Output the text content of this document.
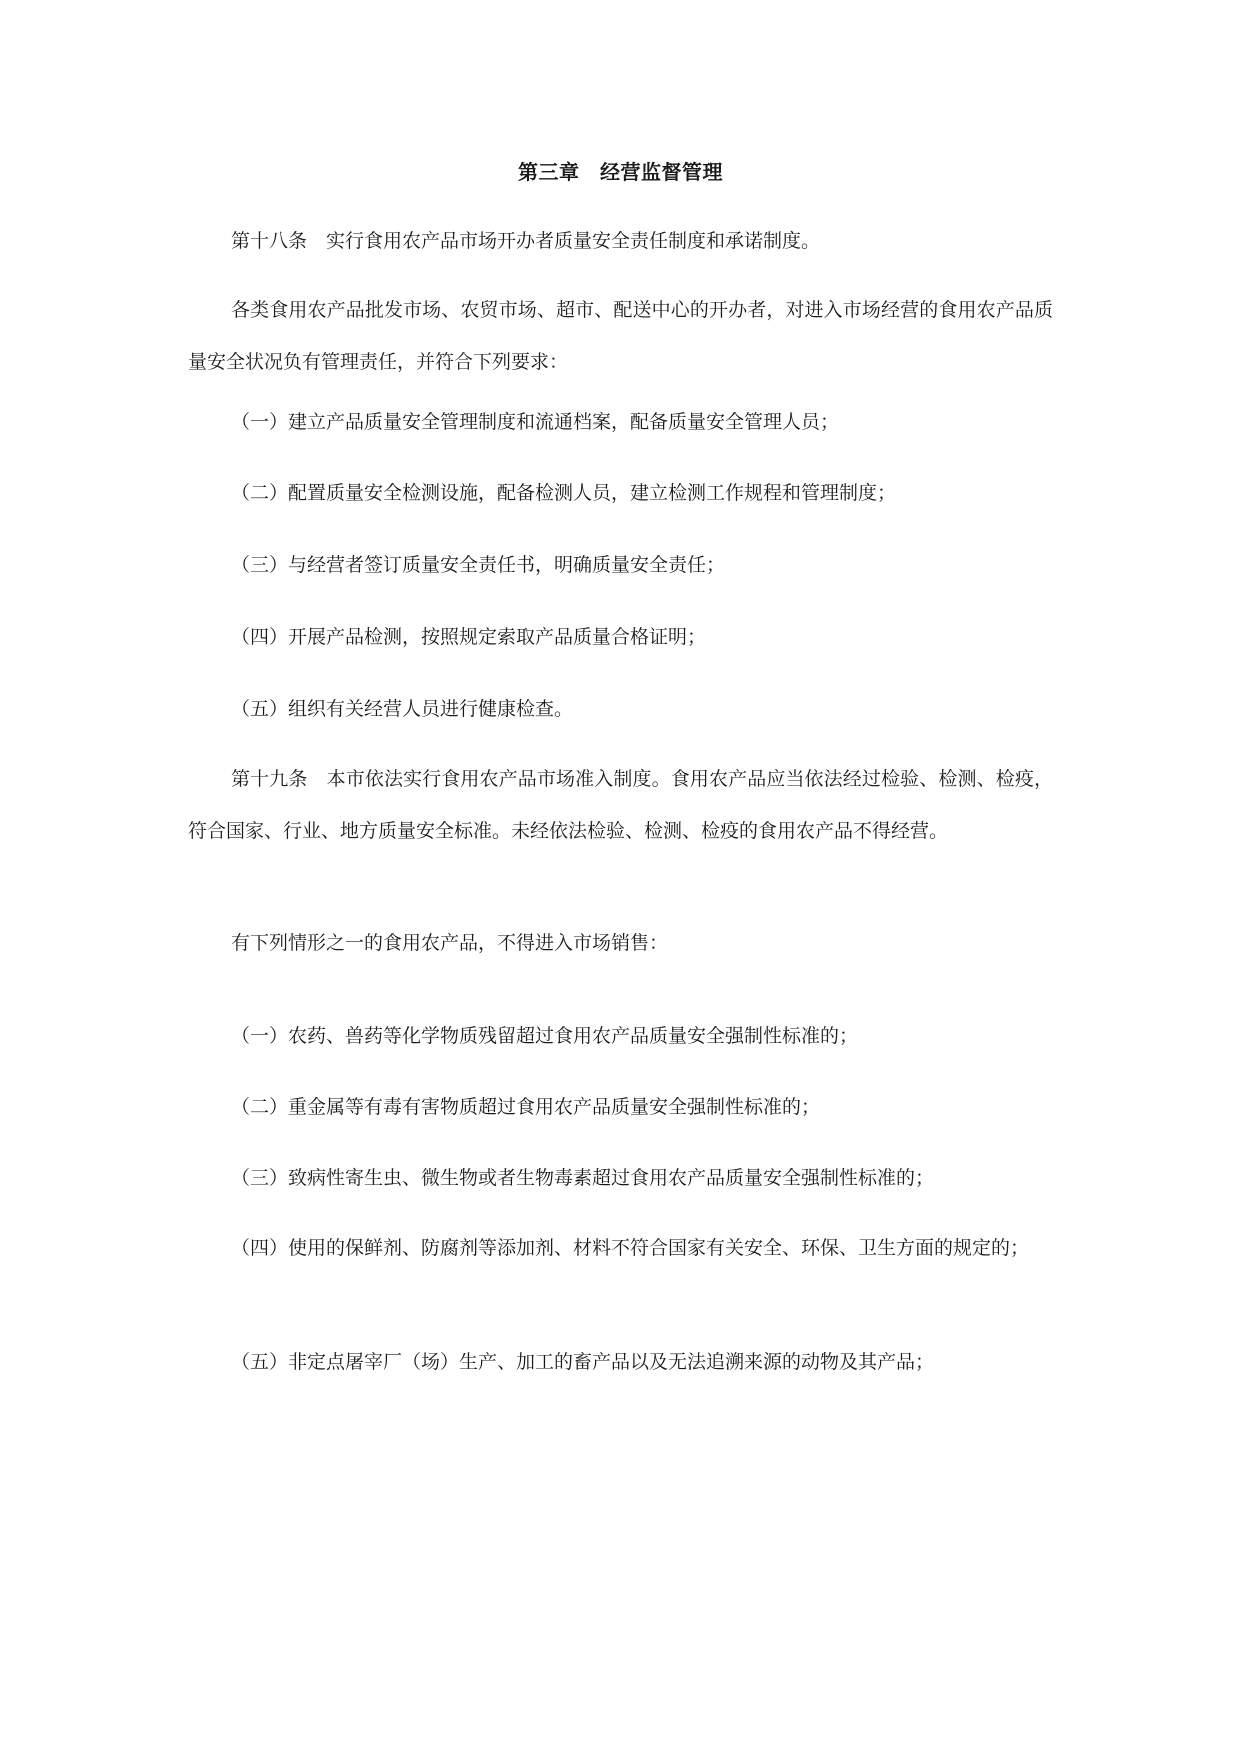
第三章　经营监督管理

第十八条　实行食用农产品市场开办者质量安全责任制度和承诺制度。

各类食用农产品批发市场、农贸市场、超市、配送中心的开办者，对进入市场经营的食用农产品质量安全状况负有管理责任，并符合下列要求：

（一）建立产品质量安全管理制度和流通档案，配备质量安全管理人员；

（二）配置质量安全检测设施，配备检测人员，建立检测工作规程和管理制度；

（三）与经营者签订质量安全责任书，明确质量安全责任；

（四）开展产品检测，按照规定索取产品质量合格证明；

（五）组织有关经营人员进行健康检查。

第十九条　本市依法实行食用农产品市场准入制度。食用农产品应当依法经过检验、检测、检疫，符合国家、行业、地方质量安全标准。未经依法检验、检测、检疫的食用农产品不得经营。

有下列情形之一的食用农产品，不得进入市场销售：

（一）农药、兽药等化学物质残留超过食用农产品质量安全强制性标准的；

（二）重金属等有毒有害物质超过食用农产品质量安全强制性标准的；

（三）致病性寄生虫、微生物或者生物毒素超过食用农产品质量安全强制性标准的；

（四）使用的保鲜剂、防腐剂等添加剂、材料不符合国家有关安全、环保、卫生方面的规定的；

（五）非定点屠宰厂（场）生产、加工的畜产品以及无法追溯来源的动物及其产品；
